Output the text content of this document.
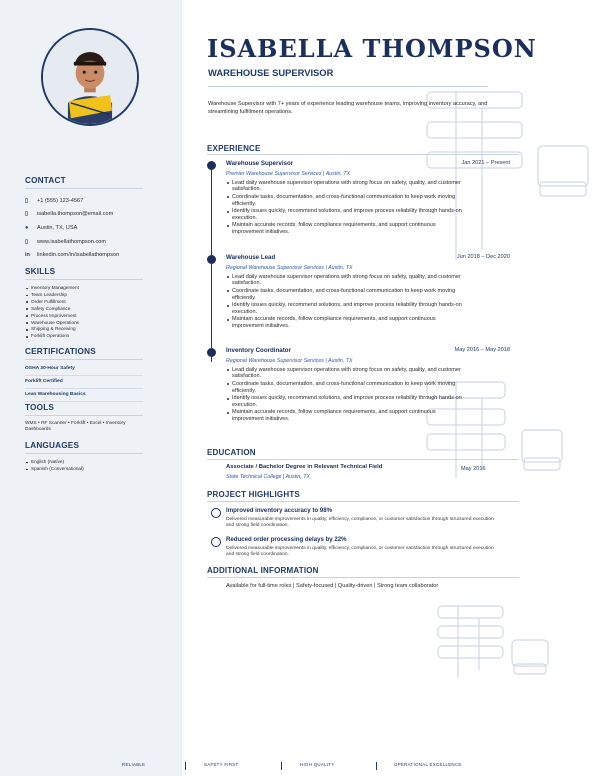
CONTACT
▯	+1 (555) 123-4567
▯	isabella.thompson@email.com
●	Austin, TX, USA
▯	www.isabellathompson.com
in	linkedin.com/in/isabellathompson
SKILLS
Inventory Management
Team Leadership
Order Fulfillment
Safety Compliance
Process Improvement
Warehouse Operations
Shipping & Receiving
Forklift Operations
CERTIFICATIONS
OSHA 30-Hour Safety
Forklift Certified
Lean Warehousing Basics
TOOLS
WMS • RF Scanner • Forklift • Excel • Inventory Dashboards
LANGUAGES
English (Native)
Spanish (Conversational)
ISABELLA THOMPSON
WAREHOUSE SUPERVISOR
Warehouse Supervisor with 7+ years of experience leading warehouse teams, improving inventory accuracy, and streamlining fulfillment operations.
EXPERIENCE
Warehouse Supervisor	Jan 2021 – Present
Premier Warehouse Supervisor Services | Austin, TX
Lead daily warehouse supervisor operations with strong focus on safety, quality, and customer satisfaction.
Coordinate tasks, documentation, and cross-functional communication to keep work moving efficiently.
Identify issues quickly, recommend solutions, and improve process reliability through hands-on execution.
Maintain accurate records, follow compliance requirements, and support continuous improvement initiatives.
Warehouse Lead	Jun 2018 – Dec 2020
Regional Warehouse Supervisor Services | Austin, TX
Lead daily warehouse supervisor operations with strong focus on safety, quality, and customer satisfaction.
Coordinate tasks, documentation, and cross-functional communication to keep work moving efficiently.
Identify issues quickly, recommend solutions, and improve process reliability through hands-on execution.
Maintain accurate records, follow compliance requirements, and support continuous improvement initiatives.
Inventory Coordinator	May 2016 – May 2018
Regional Warehouse Supervisor Services | Austin, TX
Lead daily warehouse supervisor operations with strong focus on safety, quality, and customer satisfaction.
Coordinate tasks, documentation, and cross-functional communication to keep work moving efficiently.
Identify issues quickly, recommend solutions, and improve process reliability through hands-on execution.
Maintain accurate records, follow compliance requirements, and support continuous improvement initiatives.
EDUCATION
Associate / Bachelor Degree in Relevant Technical Field
State Technical College | Austin, TX
May 2016
PROJECT HIGHLIGHTS
Improved inventory accuracy to 98%
Delivered measurable improvements in quality, efficiency, compliance, or customer satisfaction through structured execution and strong field coordination.
Reduced order processing delays by 22%
Delivered measurable improvements in quality, efficiency, compliance, or customer satisfaction through structured execution and strong field coordination.
ADDITIONAL INFORMATION
Available for full-time roles | Safety-focused | Quality-driven | Strong team collaborator
RELIABLE	SAFETY FIRST	HIGH QUALITY	OPERATIONAL EXCELLENCE
